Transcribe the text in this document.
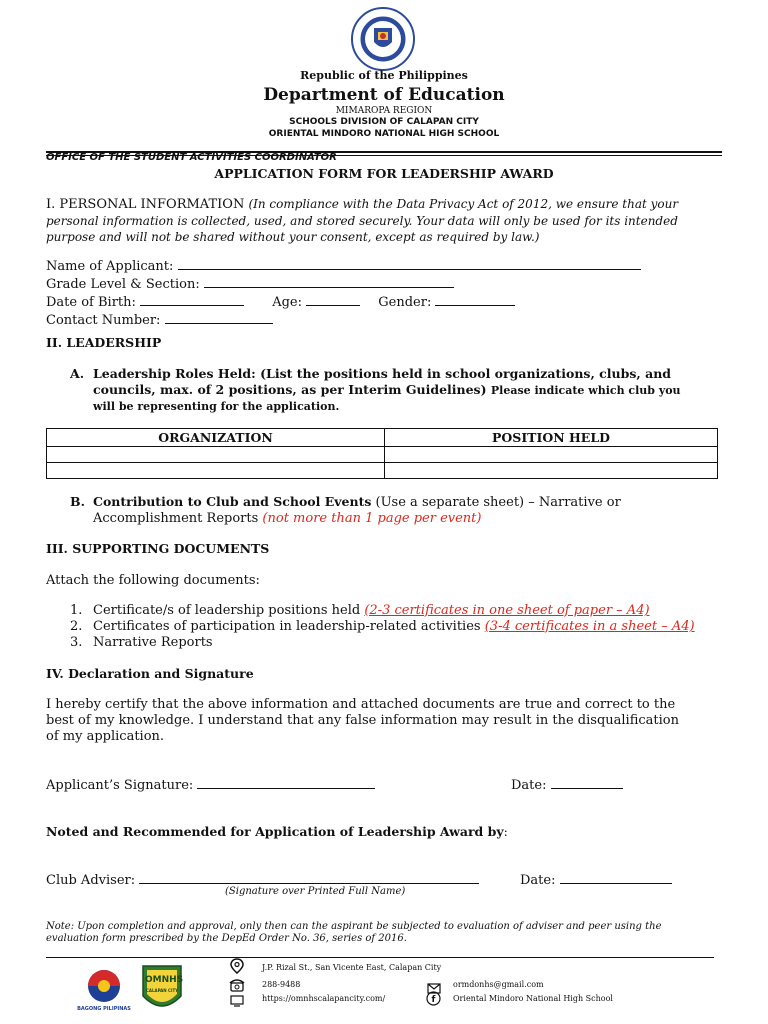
Republic of the Philippines
Department of Education
MIMAROPA REGION
SCHOOLS DIVISION OF CALAPAN CITY
ORIENTAL MINDORO NATIONAL HIGH SCHOOL
OFFICE OF THE STUDENT ACTIVITIES COORDINATOR
APPLICATION FORM FOR LEADERSHIP AWARD
I. PERSONAL INFORMATION (In compliance with the Data Privacy Act of 2012, we ensure that your
personal information is collected, used, and stored securely. Your data will only be used for its intended
purpose and will not be shared without your consent, except as required by law.)
Name of Applicant:
Grade Level & Section:
Date of Birth:	Age:	Gender:
Contact Number:
II. LEADERSHIP
A. Leadership Roles Held: (List the positions held in school organizations, clubs, and
councils, max. of 2 positions, as per Interim Guidelines) Please indicate which club you
will be representing for the application.
ORGANIZATION	POSITION HELD

B. Contribution to Club and School Events (Use a separate sheet) – Narrative or
Accomplishment Reports (not more than 1 page per event)
III. SUPPORTING DOCUMENTS
Attach the following documents:
1. Certificate/s of leadership positions held (2-3 certificates in one sheet of paper – A4)
2. Certificates of participation in leadership-related activities (3-4 certificates in a sheet – A4)
3. Narrative Reports
IV. Declaration and Signature
I hereby certify that the above information and attached documents are true and correct to the
best of my knowledge. I understand that any false information may result in the disqualification
of my application.
Applicant’s Signature:	Date:
Noted and Recommended for Application of Leadership Award by:
Club Adviser:	Date:
(Signature over Printed Full Name)
Note: Upon completion and approval, only then can the aspirant be subjected to evaluation of adviser and peer using the
evaluation form prescribed by the DepEd Order No. 36, series of 2016.
BAGONG PILIPINAS
OMNHS
CALAPAN CITY
J.P. Rizal St., San Vicente East, Calapan City
288-9488
https://omnhscalapancity.com/
ormdonhs@gmail.com
f Oriental Mindoro National High School
